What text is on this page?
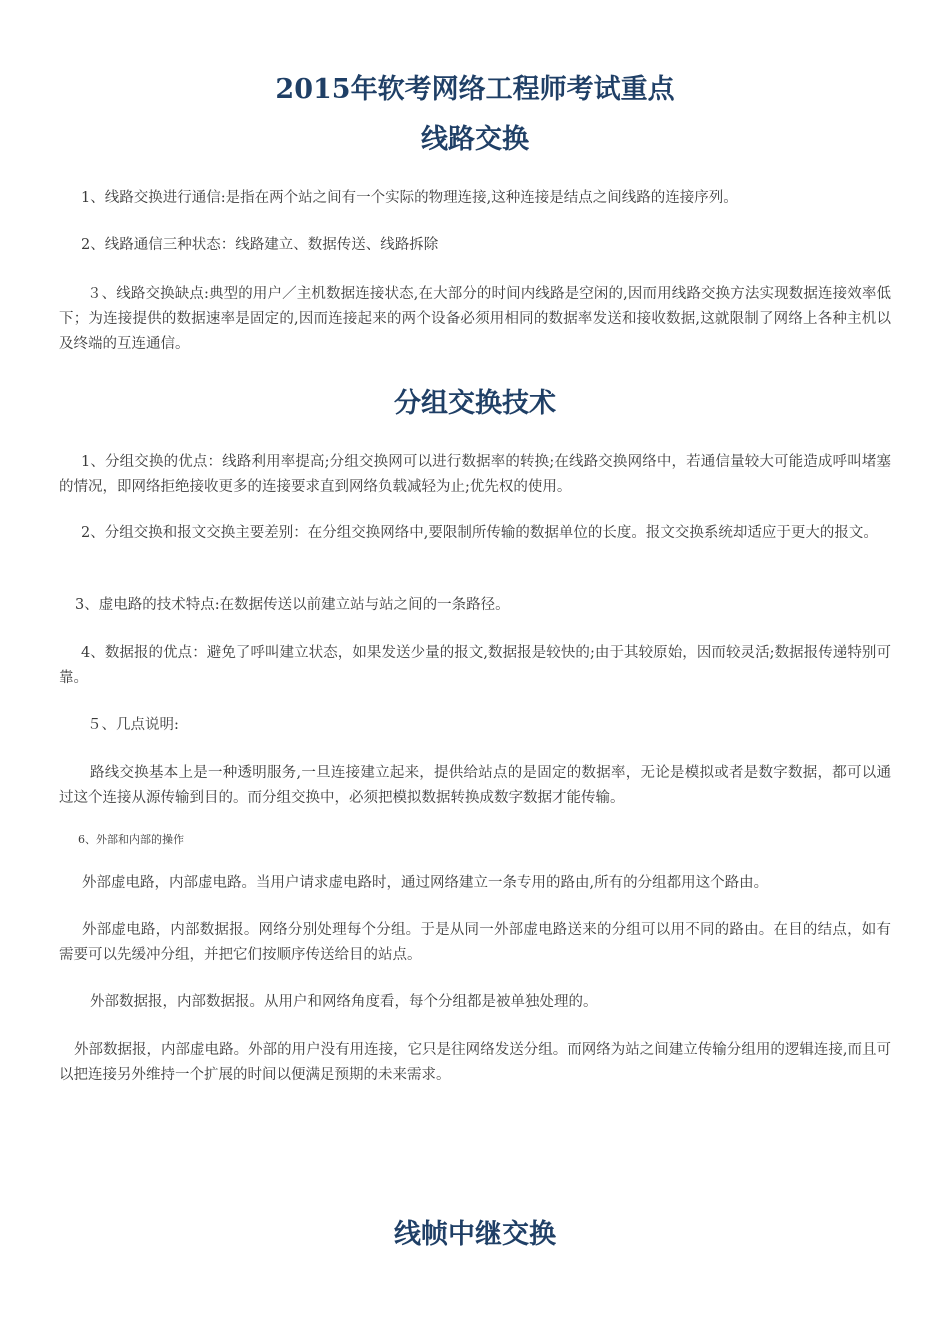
2015年软考网络工程师考试重点
线路交换

1、线路交换进行通信:是指在两个站之间有一个实际的物理连接,这种连接是结点之间线路的连接序列。

2、线路通信三种状态：线路建立、数据传送、线路拆除

３、线路交换缺点:典型的用户／主机数据连接状态,在大部分的时间内线路是空闲的,因而用线路交换方法实现数据连接效率低下；为连接提供的数据速率是固定的,因而连接起来的两个设备必须用相同的数据率发送和接收数据,这就限制了网络上各种主机以及终端的互连通信。

分组交换技术

1、分组交换的优点：线路利用率提高;分组交换网可以进行数据率的转换;在线路交换网络中，若通信量较大可能造成呼叫堵塞的情况，即网络拒绝接收更多的连接要求直到网络负载减轻为止;优先权的使用。

2、分组交换和报文交换主要差别：在分组交换网络中,要限制所传输的数据单位的长度。报文交换系统却适应于更大的报文。

3、虚电路的技术特点:在数据传送以前建立站与站之间的一条路径。

4、数据报的优点：避免了呼叫建立状态，如果发送少量的报文,数据报是较快的;由于其较原始，因而较灵活;数据报传递特别可靠。

５、几点说明:

路线交换基本上是一种透明服务,一旦连接建立起来，提供给站点的是固定的数据率，无论是模拟或者是数字数据，都可以通过这个连接从源传输到目的。而分组交换中，必须把模拟数据转换成数字数据才能传输。

6、外部和内部的操作

外部虚电路，内部虚电路。当用户请求虚电路时，通过网络建立一条专用的路由,所有的分组都用这个路由。

外部虚电路，内部数据报。网络分别处理每个分组。于是从同一外部虚电路送来的分组可以用不同的路由。在目的结点，如有需要可以先缓冲分组，并把它们按顺序传送给目的站点。

外部数据报，内部数据报。从用户和网络角度看，每个分组都是被单独处理的。

外部数据报，内部虚电路。外部的用户没有用连接，它只是往网络发送分组。而网络为站之间建立传输分组用的逻辑连接,而且可以把连接另外维持一个扩展的时间以便满足预期的未来需求。

线帧中继交换
